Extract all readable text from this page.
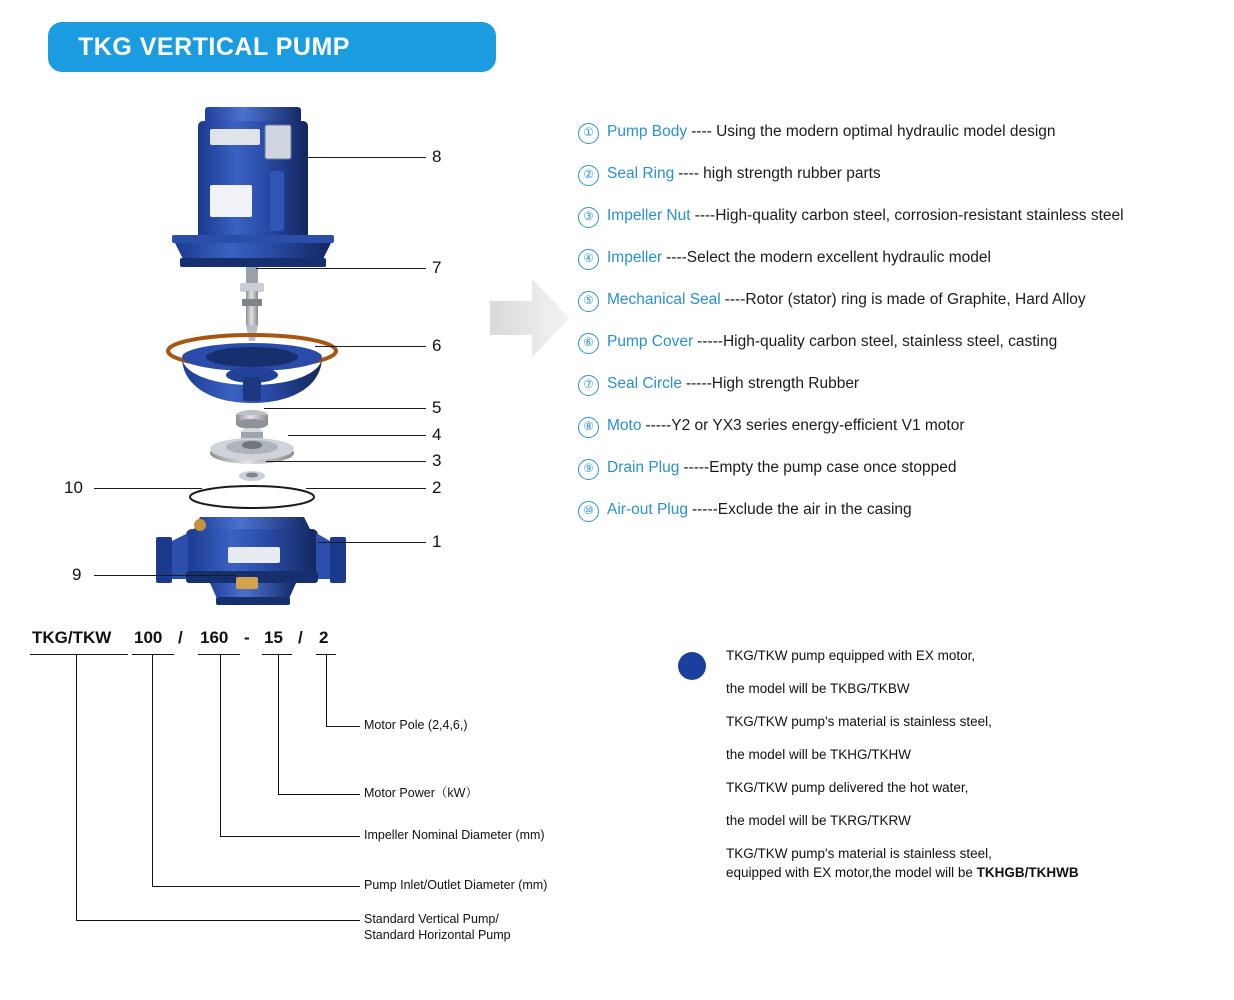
TKG VERTICAL PUMP
8
7
6
5
4
3
2
1
10
9
① Pump Body ---- Using the modern optimal hydraulic model design
② Seal Ring ---- high strength rubber parts
③ Impeller Nut ----High-quality carbon steel, corrosion-resistant stainless steel
④ Impeller ----Select the modern excellent hydraulic model
⑤ Mechanical Seal ----Rotor (stator) ring is made of Graphite, Hard Alloy
⑥ Pump Cover -----High-quality carbon steel, stainless steel, casting
⑦ Seal Circle -----High strength Rubber
⑧ Moto -----Y2 or YX3 series energy-efficient V1 motor
⑨ Drain Plug -----Empty the pump case once stopped
⑩ Air-out Plug -----Exclude the air in the casing
TKG/TKW 100 / 160 - 15 / 2
Motor Pole (2,4,6,)
Motor Power（kW）
Impeller Nominal Diameter (mm)
Pump Inlet/Outlet Diameter (mm)
Standard Vertical Pump/
Standard Horizontal Pump
TKG/TKW pump equipped with EX motor,
the model will be TKBG/TKBW
TKG/TKW pump's material is stainless steel,
the model will be TKHG/TKHW
TKG/TKW pump delivered the hot water,
the model will be TKRG/TKRW
TKG/TKW pump's material is stainless steel,
equipped with EX motor,the model will be TKHGB/TKHWB
